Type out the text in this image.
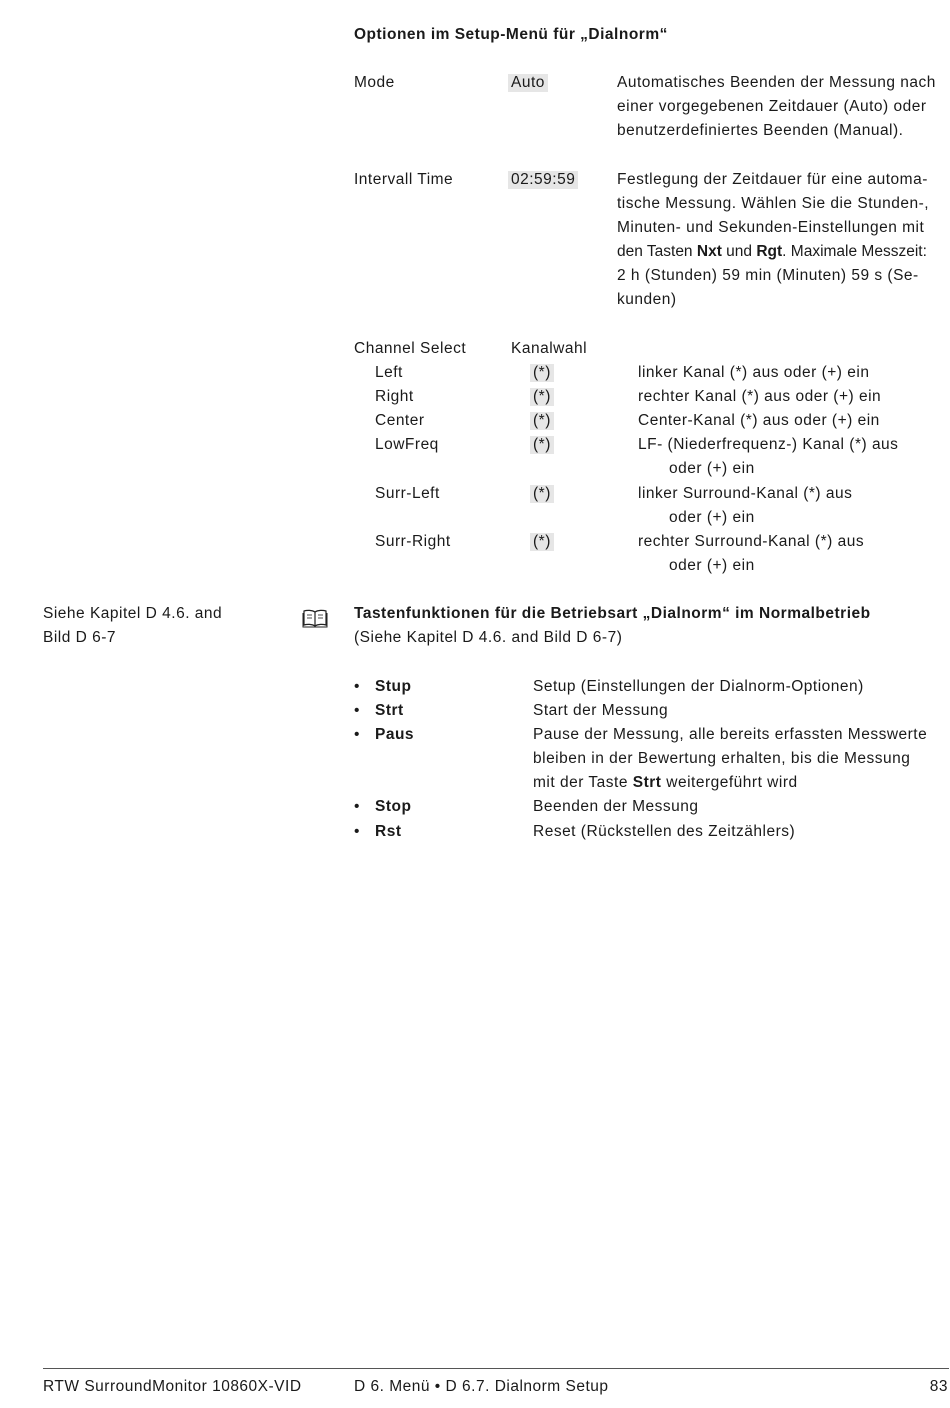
Optionen im Setup-Menü für „Dialnorm“
Mode	Auto	Automatisches Beenden der Messung nach
einer vorgegebenen Zeitdauer (Auto) oder
benutzerdefiniertes Beenden (Manual).
Intervall Time	02:59:59	Festlegung der Zeitdauer für eine automa-
tische Messung. Wählen Sie die Stunden-,
Minuten- und Sekunden-Einstellungen mit
den Tasten Nxt und Rgt. Maximale Messzeit:
2 h (Stunden) 59 min (Minuten) 59 s (Se-
kunden)
Channel Select	Kanalwahl
Left	(*)	linker Kanal (*) aus oder (+) ein
Right	(*)	rechter Kanal (*) aus oder (+) ein
Center	(*)	Center-Kanal (*) aus oder (+) ein
LowFreq	(*)	LF- (Niederfrequenz-) Kanal (*) aus
oder (+) ein
Surr-Left	(*)	linker Surround-Kanal (*) aus
oder (+) ein
Surr-Right	(*)	rechter Surround-Kanal (*) aus
oder (+) ein
Siehe Kapitel D 4.6. and
Bild D 6-7
Tastenfunktionen für die Betriebsart „Dialnorm“ im Normalbetrieb
(Siehe Kapitel D 4.6. and Bild D 6-7)
• Stup	Setup (Einstellungen der Dialnorm-Optionen)
• Strt	Start der Messung
• Paus	Pause der Messung, alle bereits erfassten Messwerte
bleiben in der Bewertung erhalten, bis die Messung
mit der Taste Strt weitergeführt wird
• Stop	Beenden der Messung
• Rst	Reset (Rückstellen des Zeitzählers)
RTW SurroundMonitor 10860X-VID	D 6. Menü • D 6.7. Dialnorm Setup	83
